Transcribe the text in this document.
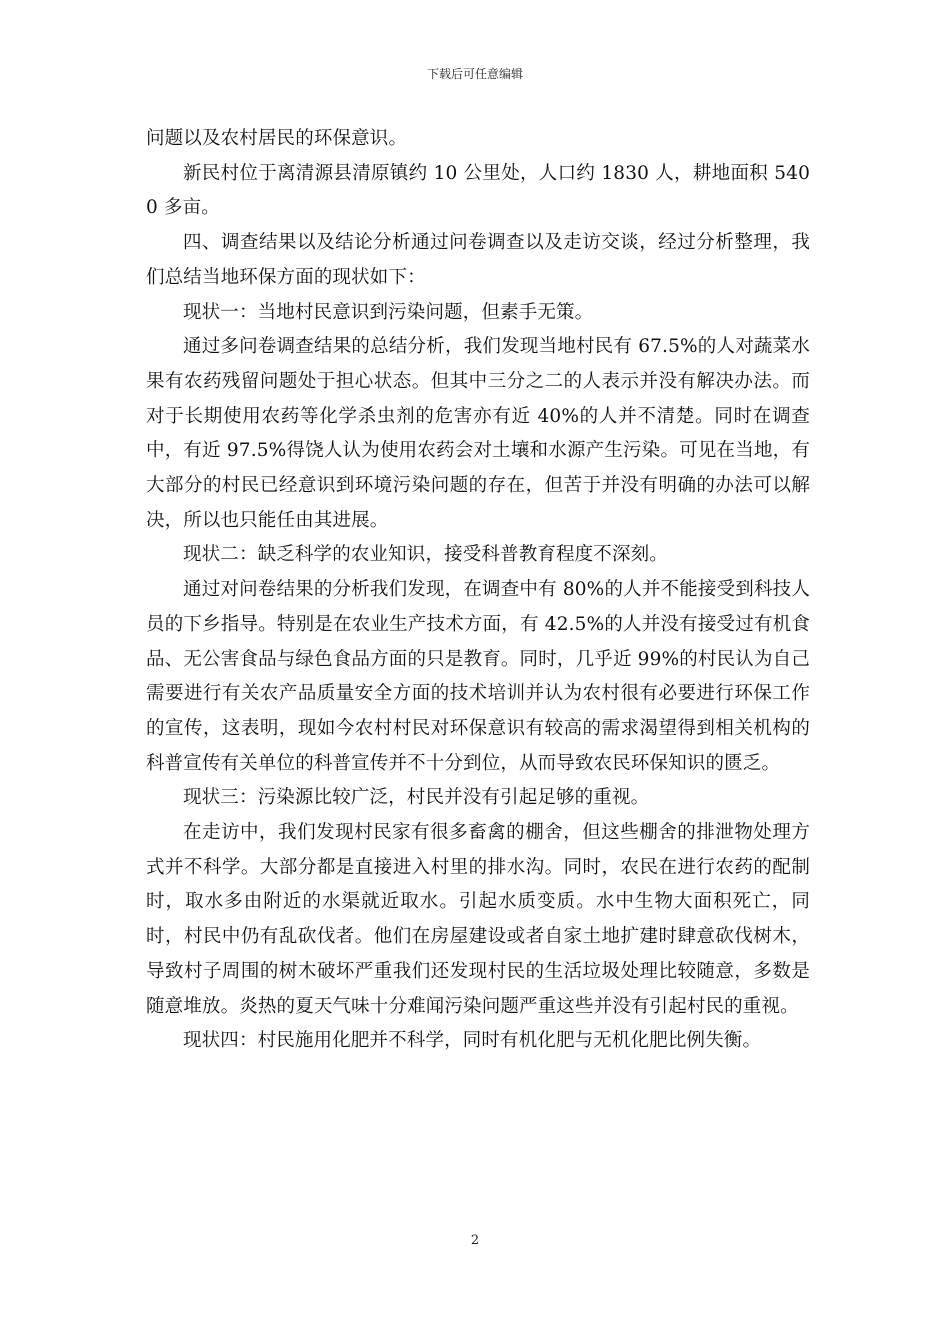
下载后可任意编辑

问题以及农村居民的环保意识。

新民村位于离清源县清原镇约 10 公里处，人口约 1830 人，耕地面积 5400 多亩。

四、调查结果以及结论分析通过问卷调查以及走访交谈，经过分析整理，我们总结当地环保方面的现状如下：

现状一：当地村民意识到污染问题，但素手无策。

通过多问卷调查结果的总结分析，我们发现当地村民有 67.5%的人对蔬菜水果有农药残留问题处于担心状态。但其中三分之二的人表示并没有解决办法。而对于长期使用农药等化学杀虫剂的危害亦有近 40%的人并不清楚。同时在调查中，有近 97.5%得饶人认为使用农药会对土壤和水源产生污染。可见在当地，有大部分的村民已经意识到环境污染问题的存在，但苦于并没有明确的办法可以解决，所以也只能任由其进展。

现状二：缺乏科学的农业知识，接受科普教育程度不深刻。

通过对问卷结果的分析我们发现，在调查中有 80%的人并不能接受到科技人员的下乡指导。特别是在农业生产技术方面，有 42.5%的人并没有接受过有机食品、无公害食品与绿色食品方面的只是教育。同时，几乎近 99%的村民认为自己需要进行有关农产品质量安全方面的技术培训并认为农村很有必要进行环保工作的宣传，这表明，现如今农村村民对环保意识有较高的需求渴望得到相关机构的科普宣传有关单位的科普宣传并不十分到位，从而导致农民环保知识的匮乏。

现状三：污染源比较广泛，村民并没有引起足够的重视。

在走访中，我们发现村民家有很多畜禽的棚舍，但这些棚舍的排泄物处理方式并不科学。大部分都是直接进入村里的排水沟。同时，农民在进行农药的配制时，取水多由附近的水渠就近取水。引起水质变质。水中生物大面积死亡，同时，村民中仍有乱砍伐者。他们在房屋建设或者自家土地扩建时肆意砍伐树木，导致村子周围的树木破坏严重我们还发现村民的生活垃圾处理比较随意，多数是随意堆放。炎热的夏天气味十分难闻污染问题严重这些并没有引起村民的重视。

现状四：村民施用化肥并不科学，同时有机化肥与无机化肥比例失衡。

2
